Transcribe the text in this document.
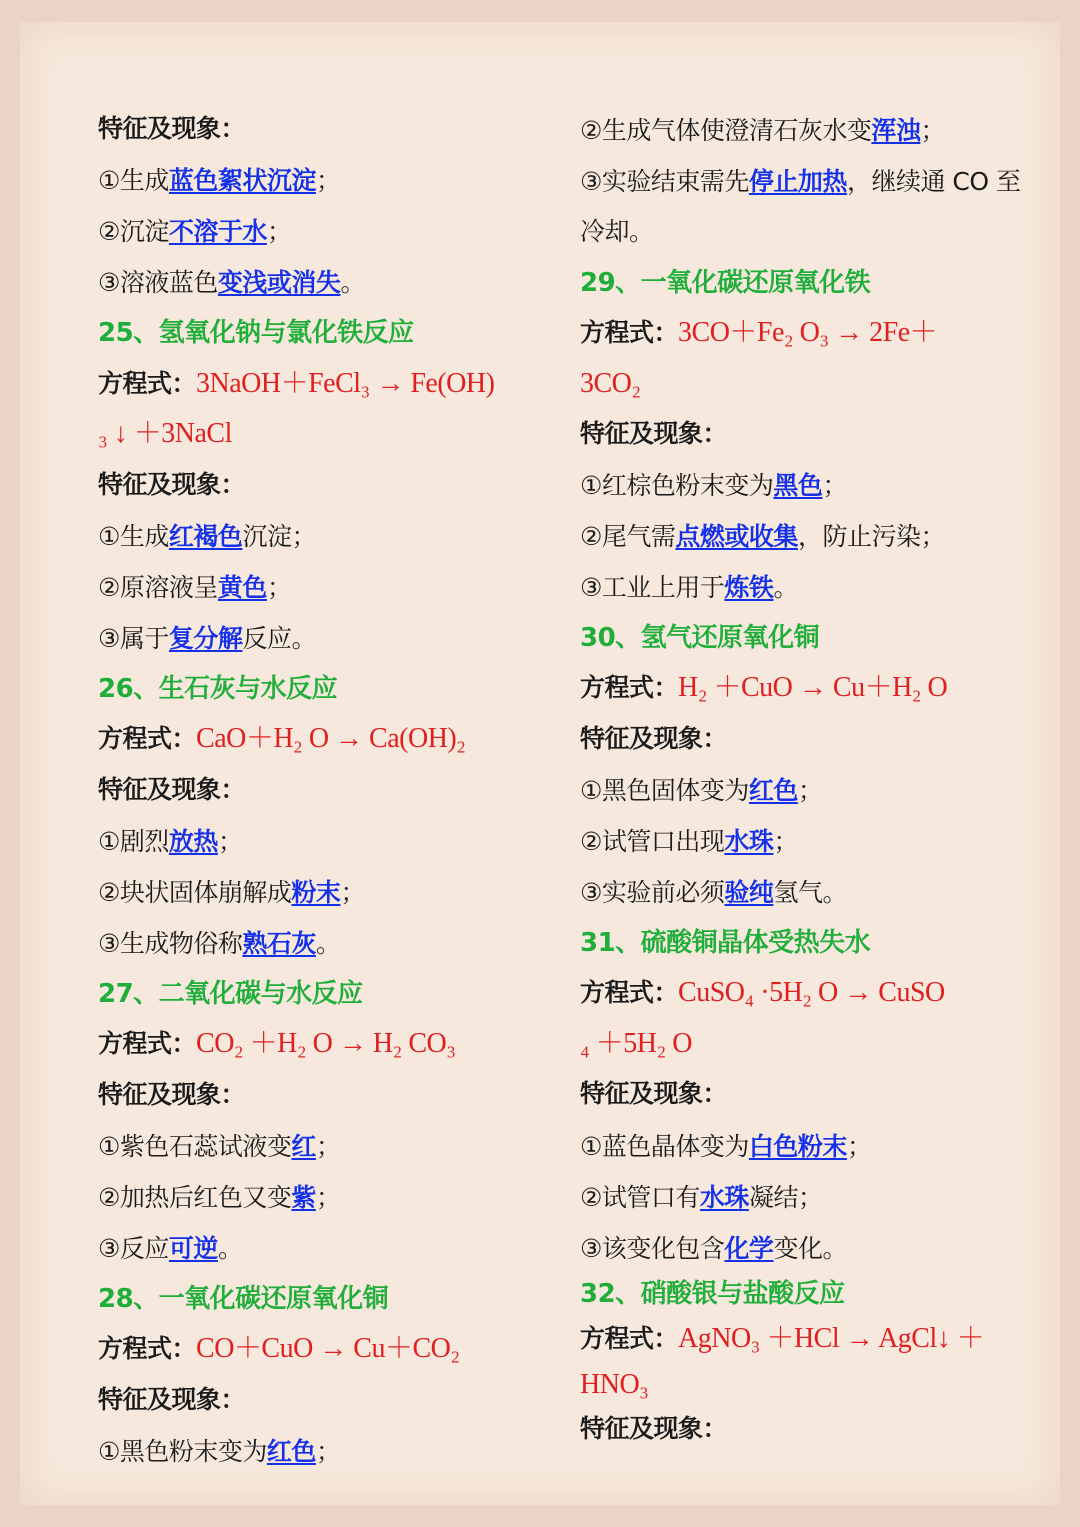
特征及现象：
①生成蓝色絮状沉淀；
②沉淀不溶于水；
③溶液蓝色变浅或消失。
25、氢氧化钠与氯化铁反应
方程式：3NaOH＋FeCl₃ → Fe(OH)
₃ ↓ ＋3NaCl
特征及现象：
①生成红褐色沉淀；
②原溶液呈黄色；
③属于复分解反应。
26、生石灰与水反应
方程式：CaO＋H₂ O → Ca(OH)₂
特征及现象：
①剧烈放热；
②块状固体崩解成粉末；
③生成物俗称熟石灰。
27、二氧化碳与水反应
方程式：CO₂ ＋H₂ O → H₂ CO₃
特征及现象：
①紫色石蕊试液变红；
②加热后红色又变紫；
③反应可逆。
28、一氧化碳还原氧化铜
方程式：CO＋CuO → Cu＋CO₂
特征及现象：
①黑色粉末变为红色；
②生成气体使澄清石灰水变浑浊；
③实验结束需先停止加热，继续通 CO 至
冷却。
29、一氧化碳还原氧化铁
方程式：3CO＋Fe₂ O₃ → 2Fe＋
3CO₂
特征及现象：
①红棕色粉末变为黑色；
②尾气需点燃或收集，防止污染；
③工业上用于炼铁。
30、氢气还原氧化铜
方程式：H₂ ＋CuO → Cu＋H₂ O
特征及现象：
①黑色固体变为红色；
②试管口出现水珠；
③实验前必须验纯氢气。
31、硫酸铜晶体受热失水
方程式：CuSO₄ ·5H₂ O → CuSO
₄ ＋5H₂ O
特征及现象：
①蓝色晶体变为白色粉末；
②试管口有水珠凝结；
③该变化包含化学变化。
32、硝酸银与盐酸反应
方程式：AgNO₃ ＋HCl → AgCl↓ ＋
HNO₃
特征及现象：
